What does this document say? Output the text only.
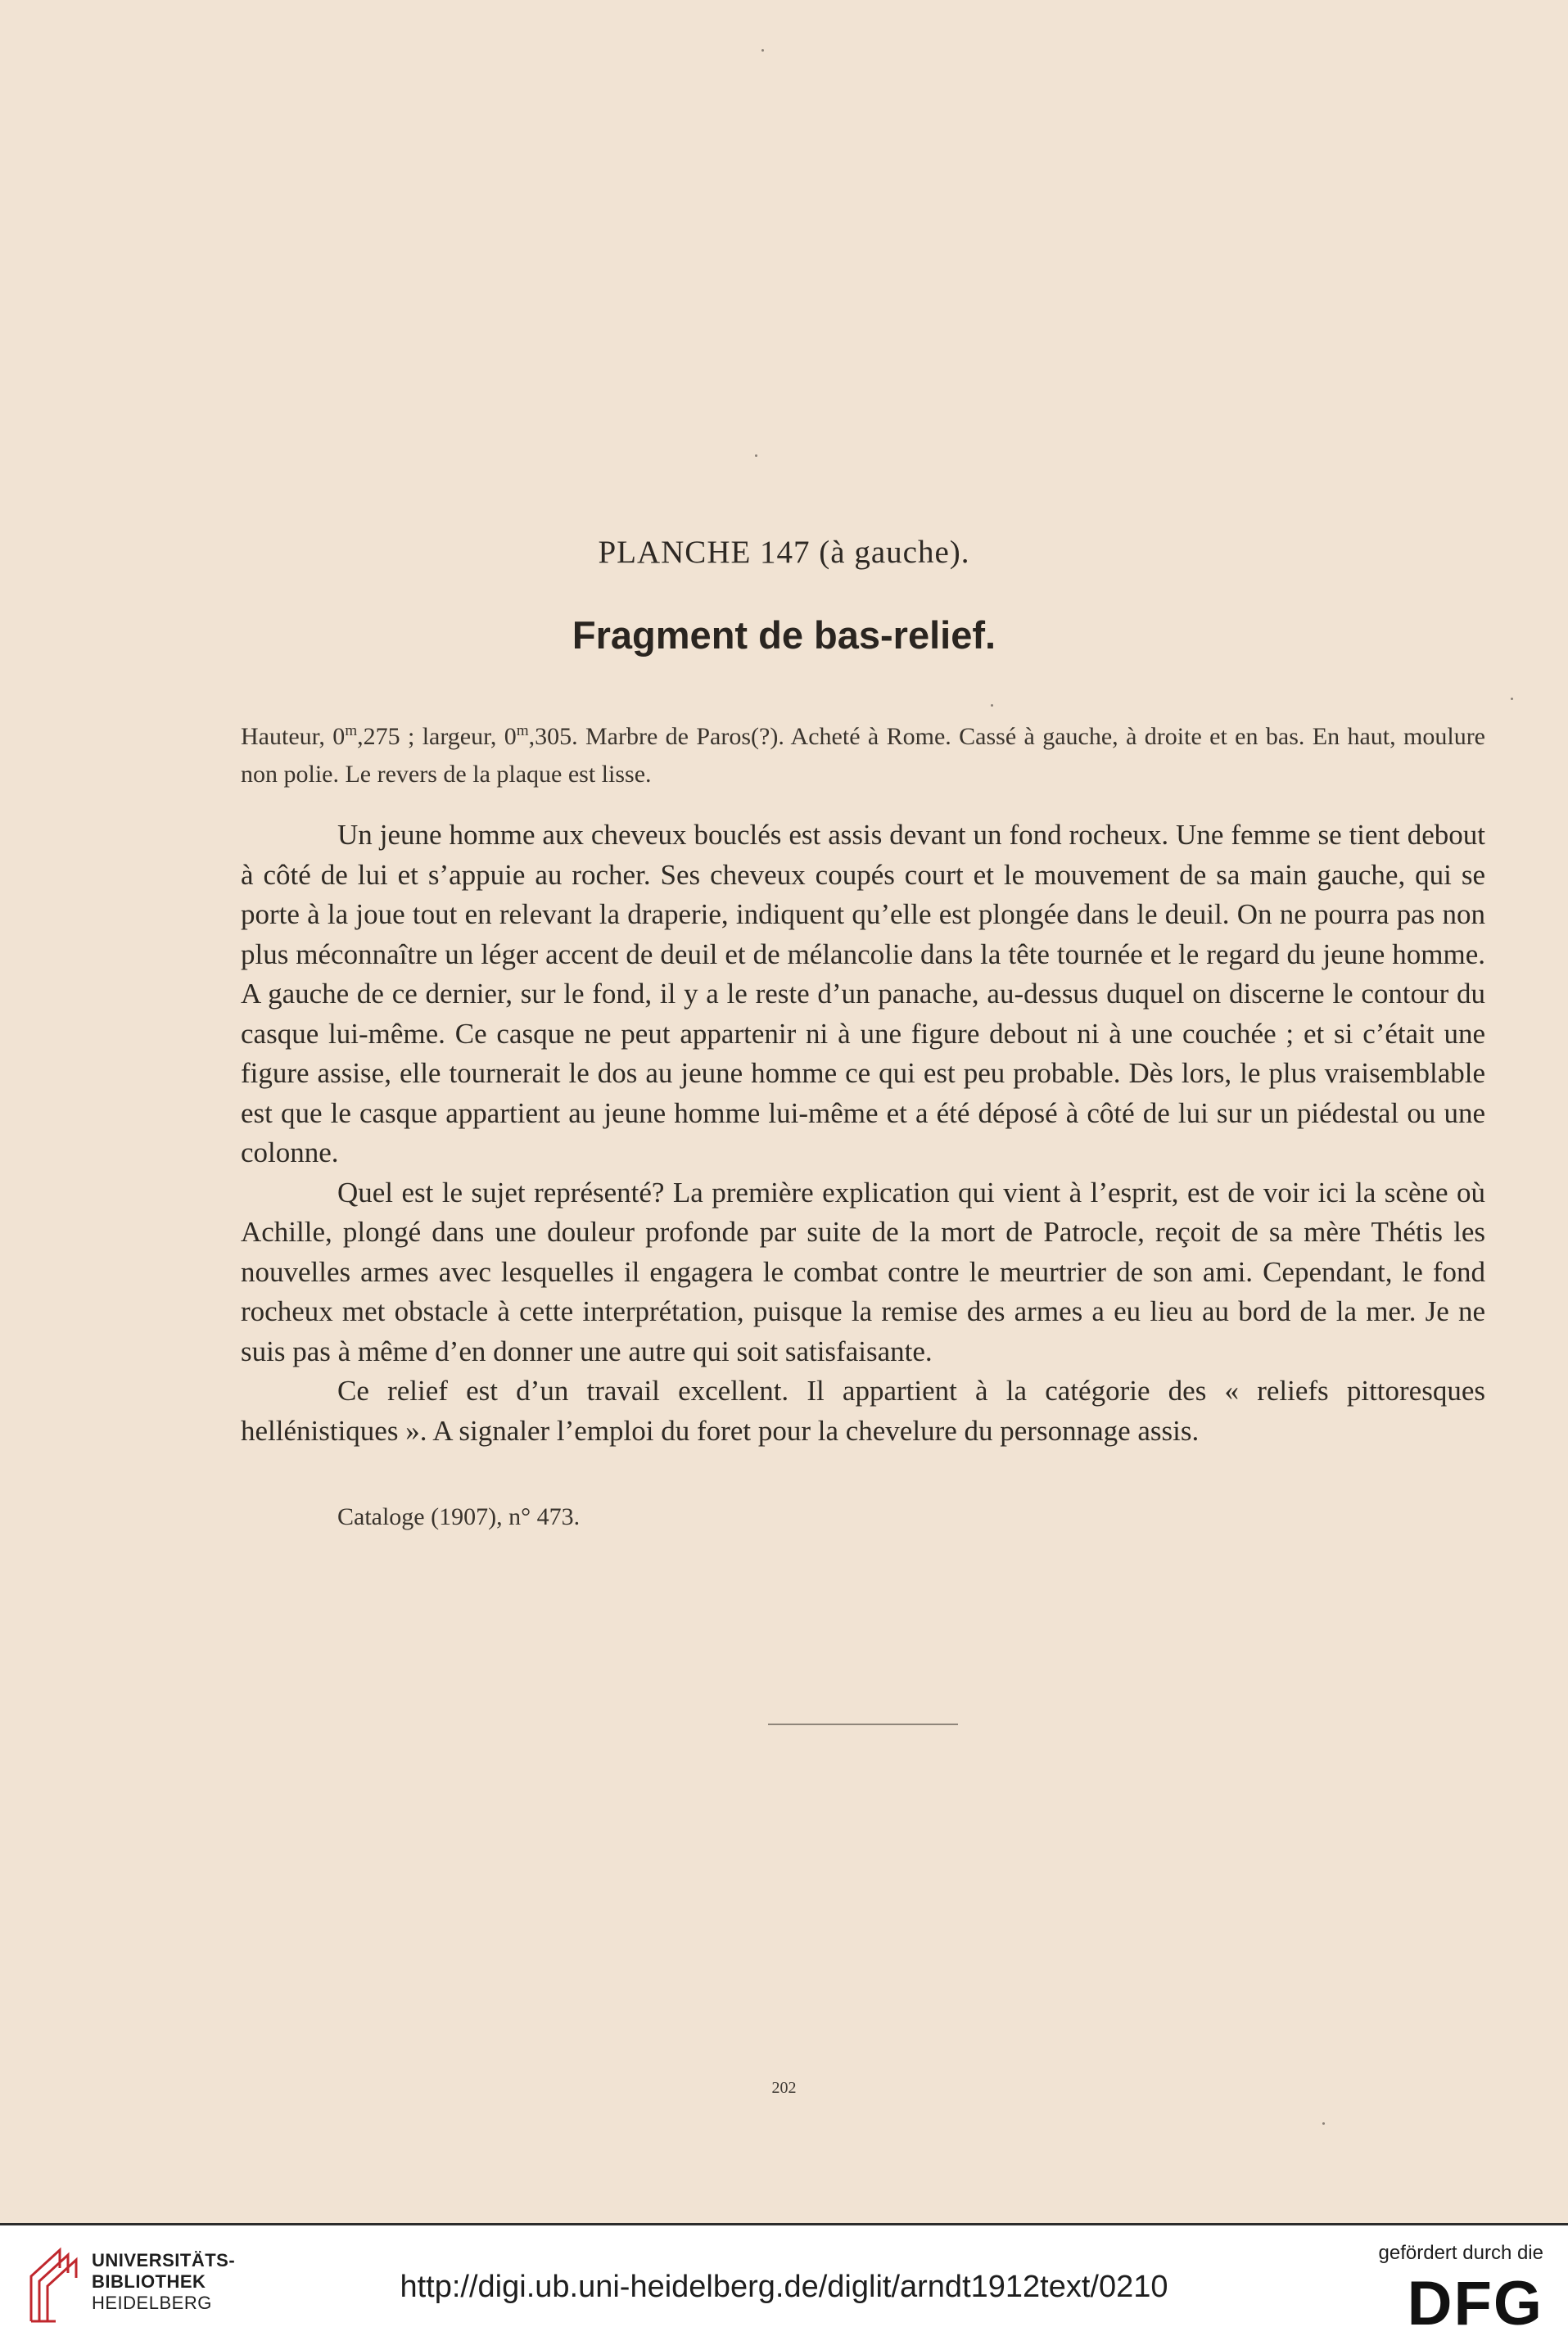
PLANCHE 147 (à gauche).
Fragment de bas-relief.
Hauteur, 0$^m$,275 ; largeur, 0$^m$,305. Marbre de Paros(?). Acheté à Rome. Cassé à gauche, à droite et en bas. En haut, moulure non polie. Le revers de la plaque est lisse.

Un jeune homme aux cheveux bouclés est assis devant un fond rocheux. Une femme se tient debout à côté de lui et s’appuie au rocher. Ses cheveux coupés court et le mouvement de sa main gauche, qui se porte à la joue tout en relevant la draperie, indiquent qu’elle est plongée dans le deuil. On ne pourra pas non plus méconnaître un léger accent de deuil et de mélancolie dans la tête tournée et le regard du jeune homme. A gauche de ce dernier, sur le fond, il y a le reste d’un panache, au-dessus duquel on discerne le contour du casque lui-même. Ce casque ne peut appartenir ni à une figure debout ni à une couchée ; et si c’était une figure assise, elle tournerait le dos au jeune homme ce qui est peu probable. Dès lors, le plus vraisemblable est que le casque appartient au jeune homme lui-même et a été déposé à côté de lui sur un piédestal ou une colonne.

Quel est le sujet représenté? La première explication qui vient à l’esprit, est de voir ici la scène où Achille, plongé dans une douleur profonde par suite de la mort de Patrocle, reçoit de sa mère Thétis les nouvelles armes avec lesquelles il engagera le combat contre le meurtrier de son ami. Cependant, le fond rocheux met obstacle à cette interprétation, puisque la remise des armes a eu lieu au bord de la mer. Je ne suis pas à même d’en donner une autre qui soit satisfaisante.

Ce relief est d’un travail excellent. Il appartient à la catégorie des « reliefs pittoresques hellénistiques ». A signaler l’emploi du foret pour la chevelure du personnage assis.

Cataloge (1907), n° 473.
202
UNIVERSITÄTS-
BIBLIOTHEK
HEIDELBERG	http://digi.ub.uni-heidelberg.de/diglit/arndt1912text/0210
gefördert durch die
DFG
